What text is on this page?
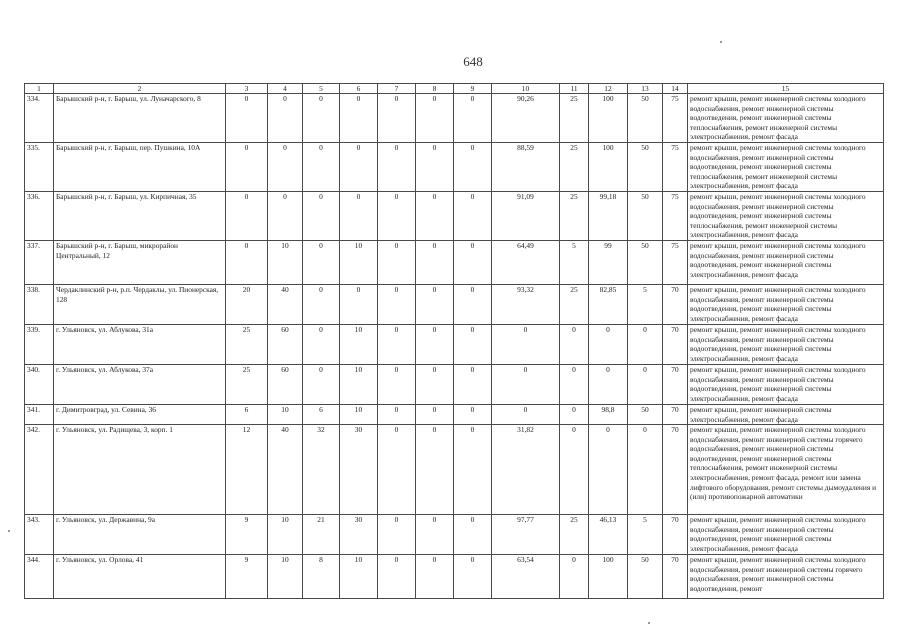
648
1	2	3	4	5	6	7	8	9	10	11	12	13	14	15
334.	Барышский р-н, г. Барыш, ул. Луначарского, 8	0	0	0	0	0	0	0	90,26	25	100	50	75	ремонт крыши, ремонт инженерной системы холодного водоснабжения, ремонт инженерной системы водоотведения, ремонт инженерной системы теплоснабжения, ремонт инженерной системы электроснабжения, ремонт фасада
335.	Барышский р-н, г. Барыш, пер. Пушкина, 10А	0	0	0	0	0	0	0	88,59	25	100	50	75	ремонт крыши, ремонт инженерной системы холодного водоснабжения, ремонт инженерной системы водоотведения, ремонт инженерной системы теплоснабжения, ремонт инженерной системы электроснабжения, ремонт фасада
336.	Барышский р-н, г. Барыш, ул. Кирпичная, 35	0	0	0	0	0	0	0	91,09	25	99,18	50	75	ремонт крыши, ремонт инженерной системы холодного водоснабжения, ремонт инженерной системы водоотведения, ремонт инженерной системы теплоснабжения, ремонт инженерной системы электроснабжения, ремонт фасада
337.	Барышский р-н, г. Барыш, микрорайон Центральный, 12	0	10	0	10	0	0	0	64,49	5	99	50	75	ремонт крыши, ремонт инженерной системы холодного водоснабжения, ремонт инженерной системы водоотведения, ремонт инженерной системы электроснабжения, ремонт фасада
338.	Чердаклинский р-н, р.п. Чердаклы, ул. Пионерская, 128	20	40	0	0	0	0	0	93,32	25	82,85	5	70	ремонт крыши, ремонт инженерной системы холодного водоснабжения, ремонт инженерной системы водоотведения, ремонт инженерной системы электроснабжения, ремонт фасада
339.	г. Ульяновск, ул. Аблукова, 31а	25	60	0	10	0	0	0	0	0	0	0	70	ремонт крыши, ремонт инженерной системы холодного водоснабжения, ремонт инженерной системы водоотведения, ремонт инженерной системы электроснабжения, ремонт фасада
340.	г. Ульяновск, ул. Аблукова, 37а	25	60	0	10	0	0	0	0	0	0	0	70	ремонт крыши, ремонт инженерной системы холодного водоснабжения, ремонт инженерной системы водоотведения, ремонт инженерной системы электроснабжения, ремонт фасада
341.	г. Димитровград, ул. Севина, 36	6	10	6	10	0	0	0	0	0	98,8	50	70	ремонт крыши, ремонт инженерной системы электроснабжения, ремонт фасада
342.	г. Ульяновск, ул. Радищева, 3, корп. 1	12	40	32	30	0	0	0	31,82	0	0	0	70	ремонт крыши, ремонт инженерной системы холодного водоснабжения, ремонт инженерной системы горячего водоснабжения, ремонт инженерной системы водоотведения, ремонт инженерной системы теплоснабжения, ремонт инженерной системы электроснабжения, ремонт фасада, ремонт или замена лифтового оборудования, ремонт системы дымоудаления и (или) противопожарной автоматики
343.	г. Ульяновск, ул. Державина, 9а	9	10	21	30	0	0	0	97,77	25	46,13	5	70	ремонт крыши, ремонт инженерной системы холодного водоснабжения, ремонт инженерной системы водоотведения, ремонт инженерной системы электроснабжения, ремонт фасада
344.	г. Ульяновск, ул. Орлова, 41	9	10	8	10	0	0	0	63,54	0	100	50	70	ремонт крыши, ремонт инженерной системы холодного водоснабжения, ремонт инженерной системы горячего водоснабжения, ремонт инженерной системы водоотведения, ремонт
